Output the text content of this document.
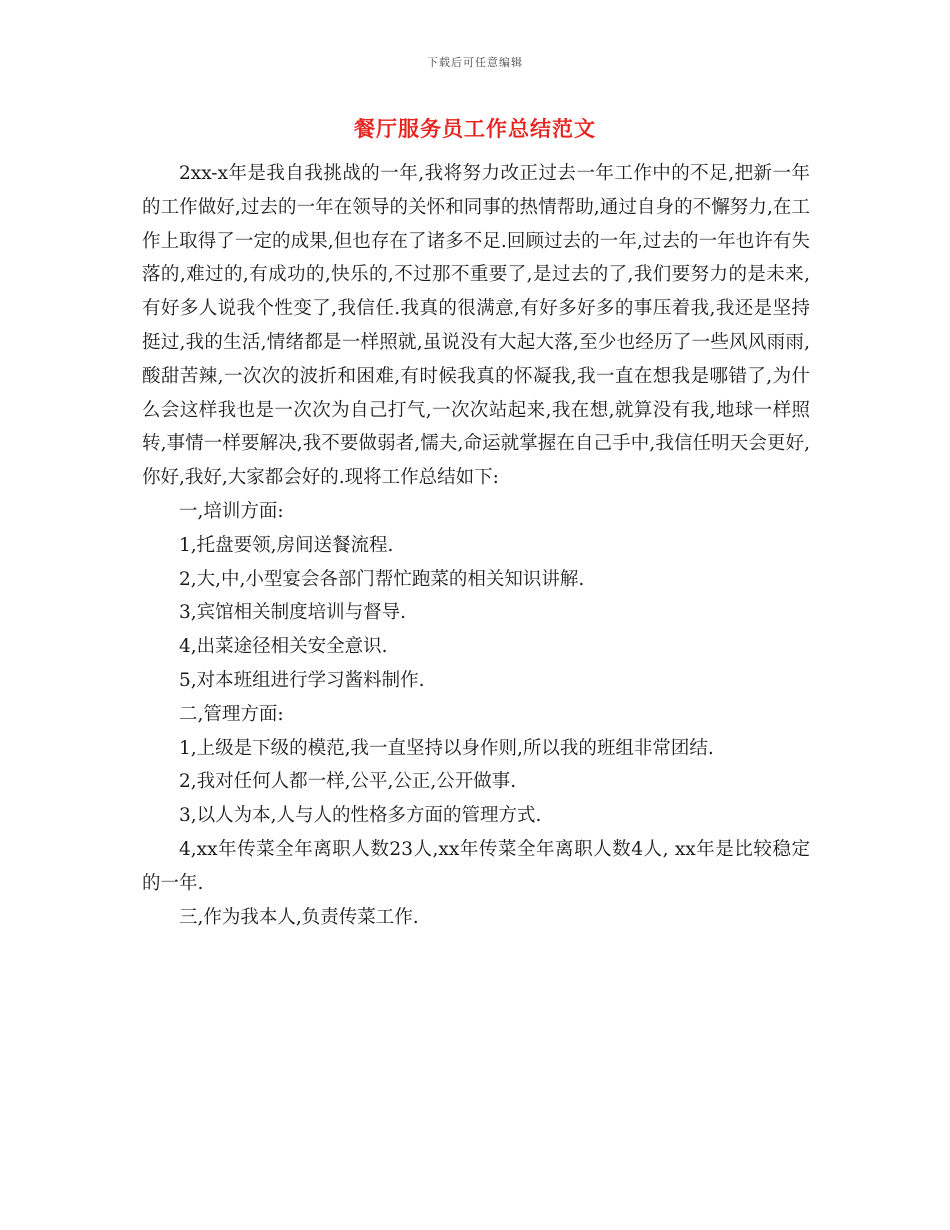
下载后可任意编辑
餐厅服务员工作总结范文

2xx-x年是我自我挑战的一年,我将努力改正过去一年工作中的不足,把新一年的工作做好,过去的一年在领导的关怀和同事的热情帮助,通过自身的不懈努力,在工作上取得了一定的成果,但也存在了诸多不足.回顾过去的一年,过去的一年也许有失落的,难过的,有成功的,快乐的,不过那不重要了,是过去的了,我们要努力的是未来,有好多人说我个性变了,我信任.我真的很满意,有好多好多的事压着我,我还是坚持挺过,我的生活,情绪都是一样照就,虽说没有大起大落,至少也经历了一些风风雨雨,酸甜苦辣,一次次的波折和困难,有时候我真的怀凝我,我一直在想我是哪错了,为什么会这样我也是一次次为自己打气,一次次站起来,我在想,就算没有我,地球一样照转,事情一样要解决,我不要做弱者,懦夫,命运就掌握在自己手中,我信任明天会更好,你好,我好,大家都会好的.现将工作总结如下:

一,培训方面:

1,托盘要领,房间送餐流程.

2,大,中,小型宴会各部门帮忙跑菜的相关知识讲解.

3,宾馆相关制度培训与督导.

4,出菜途径相关安全意识.

5,对本班组进行学习酱料制作.

二,管理方面:

1,上级是下级的模范,我一直坚持以身作则,所以我的班组非常团结.

2,我对任何人都一样,公平,公正,公开做事.

3,以人为本,人与人的性格多方面的管理方式.

4,xx年传菜全年离职人数23人,xx年传菜全年离职人数4人, xx年是比较稳定的一年.

三,作为我本人,负责传菜工作.
